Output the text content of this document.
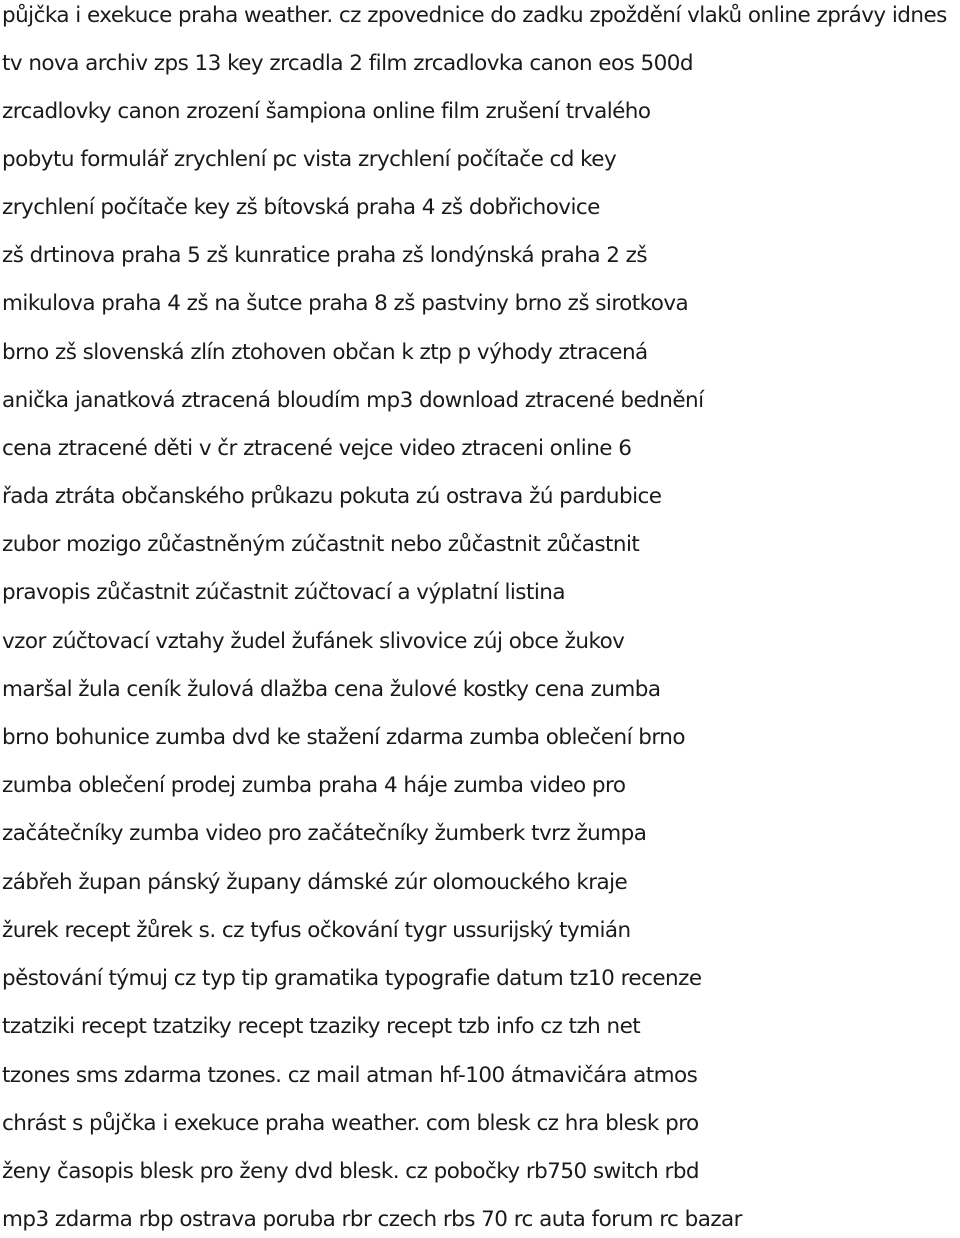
půjčka i exekuce praha weather. cz zpovednice do zadku zpoždění vlaků online zprávy idnes
tv nova archiv zps 13 key zrcadla 2 film zrcadlovka canon eos 500d
zrcadlovky canon zrození šampiona online film zrušení trvalého
pobytu formulář zrychlení pc vista zrychlení počítače cd key
zrychlení počítače key zš bítovská praha 4 zš dobřichovice
zš drtinova praha 5 zš kunratice praha zš londýnská praha 2 zš
mikulova praha 4 zš na šutce praha 8 zš pastviny brno zš sirotkova
brno zš slovenská zlín ztohoven občan k ztp p výhody ztracená
anička janatková ztracená bloudím mp3 download ztracené bednění
cena ztracené děti v čr ztracené vejce video ztraceni online 6
řada ztráta občanského průkazu pokuta zú ostrava žú pardubice
zubor mozigo zůčastněným zúčastnit nebo zůčastnit zůčastnit
pravopis zůčastnit zúčastnit zúčtovací a výplatní listina
vzor zúčtovací vztahy žudel žufánek slivovice zúj obce žukov
maršal žula ceník žulová dlažba cena žulové kostky cena zumba
brno bohunice zumba dvd ke stažení zdarma zumba oblečení brno
zumba oblečení prodej zumba praha 4 háje zumba video pro
začátečníky zumba video pro začátečníky žumberk tvrz žumpa
zábřeh župan pánský župany dámské zúr olomouckého kraje
žurek recept žůrek s. cz tyfus očkování tygr ussurijský tymián
pěstování týmuj cz typ tip gramatika typografie datum tz10 recenze
tzatziki recept tzatziky recept tzaziky recept tzb info cz tzh net
tzones sms zdarma tzones. cz mail atman hf-100 átmavičára atmos
chrást s půjčka i exekuce praha weather. com blesk cz hra blesk pro
ženy časopis blesk pro ženy dvd blesk. cz pobočky rb750 switch rbd
mp3 zdarma rbp ostrava poruba rbr czech rbs 70 rc auta forum rc bazar
